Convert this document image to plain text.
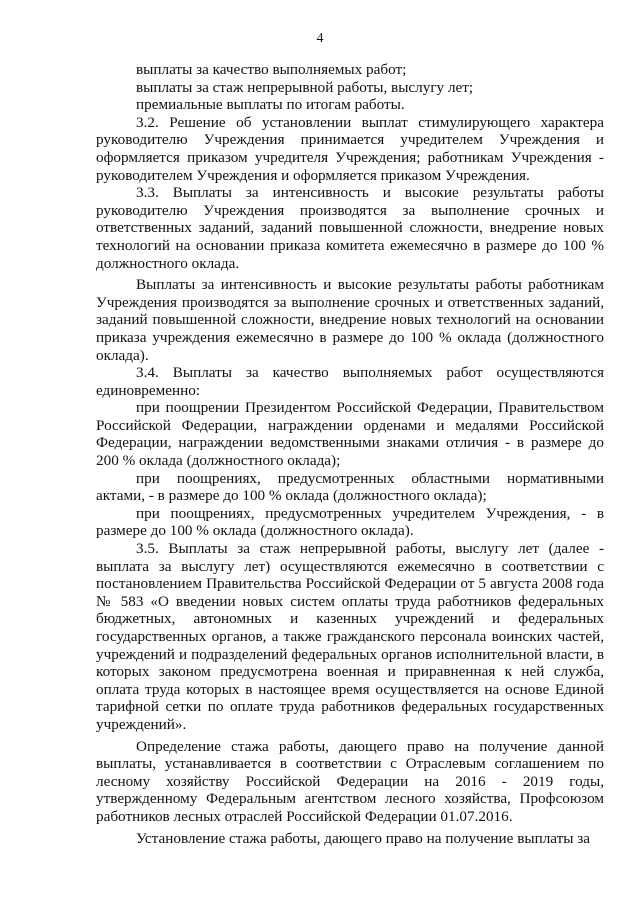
4

выплаты за качество выполняемых работ;

выплаты за стаж непрерывной работы, выслугу лет;

премиальные выплаты по итогам работы.

3.2. Решение об установлении выплат стимулирующего характера руководителю Учреждения принимается учредителем Учреждения и оформляется приказом учредителя Учреждения; работникам Учреждения - руководителем Учреждения и оформляется приказом Учреждения.

3.3. Выплаты за интенсивность и высокие результаты работы руководителю Учреждения производятся за выполнение срочных и ответственных заданий, заданий повышенной сложности, внедрение новых технологий на основании приказа комитета ежемесячно в размере до 100 % должностного оклада.

Выплаты за интенсивность и высокие результаты работы работникам Учреждения производятся за выполнение срочных и ответственных заданий, заданий повышенной сложности, внедрение новых технологий на основании приказа учреждения ежемесячно в размере до 100 % оклада (должностного оклада).

3.4. Выплаты за качество выполняемых работ осуществляются единовременно:

при поощрении Президентом Российской Федерации, Правительством Российской Федерации, награждении орденами и медалями Российской Федерации, награждении ведомственными знаками отличия - в размере до 200 % оклада (должностного оклада);

при поощрениях, предусмотренных областными нормативными актами, - в размере до 100 % оклада (должностного оклада);

при поощрениях, предусмотренных учредителем Учреждения, - в размере до 100 % оклада (должностного оклада).

3.5. Выплаты за стаж непрерывной работы, выслугу лет (далее - выплата за выслугу лет) осуществляются ежемесячно в соответствии с постановлением Правительства Российской Федерации от 5 августа 2008 года № 583 «О введении новых систем оплаты труда работников федеральных бюджетных, автономных и казенных учреждений и федеральных государственных органов, а также гражданского персонала воинских частей, учреждений и подразделений федеральных органов исполнительной власти, в которых законом предусмотрена военная и приравненная к ней служба, оплата труда которых в настоящее время осуществляется на основе Единой тарифной сетки по оплате труда работников федеральных государственных учреждений».

Определение стажа работы, дающего право на получение данной выплаты, устанавливается в соответствии с Отраслевым соглашением по лесному хозяйству Российской Федерации на 2016 - 2019 годы, утвержденному Федеральным агентством лесного хозяйства, Профсоюзом работников лесных отраслей Российской Федерации 01.07.2016.

Установление стажа работы, дающего право на получение выплаты за
